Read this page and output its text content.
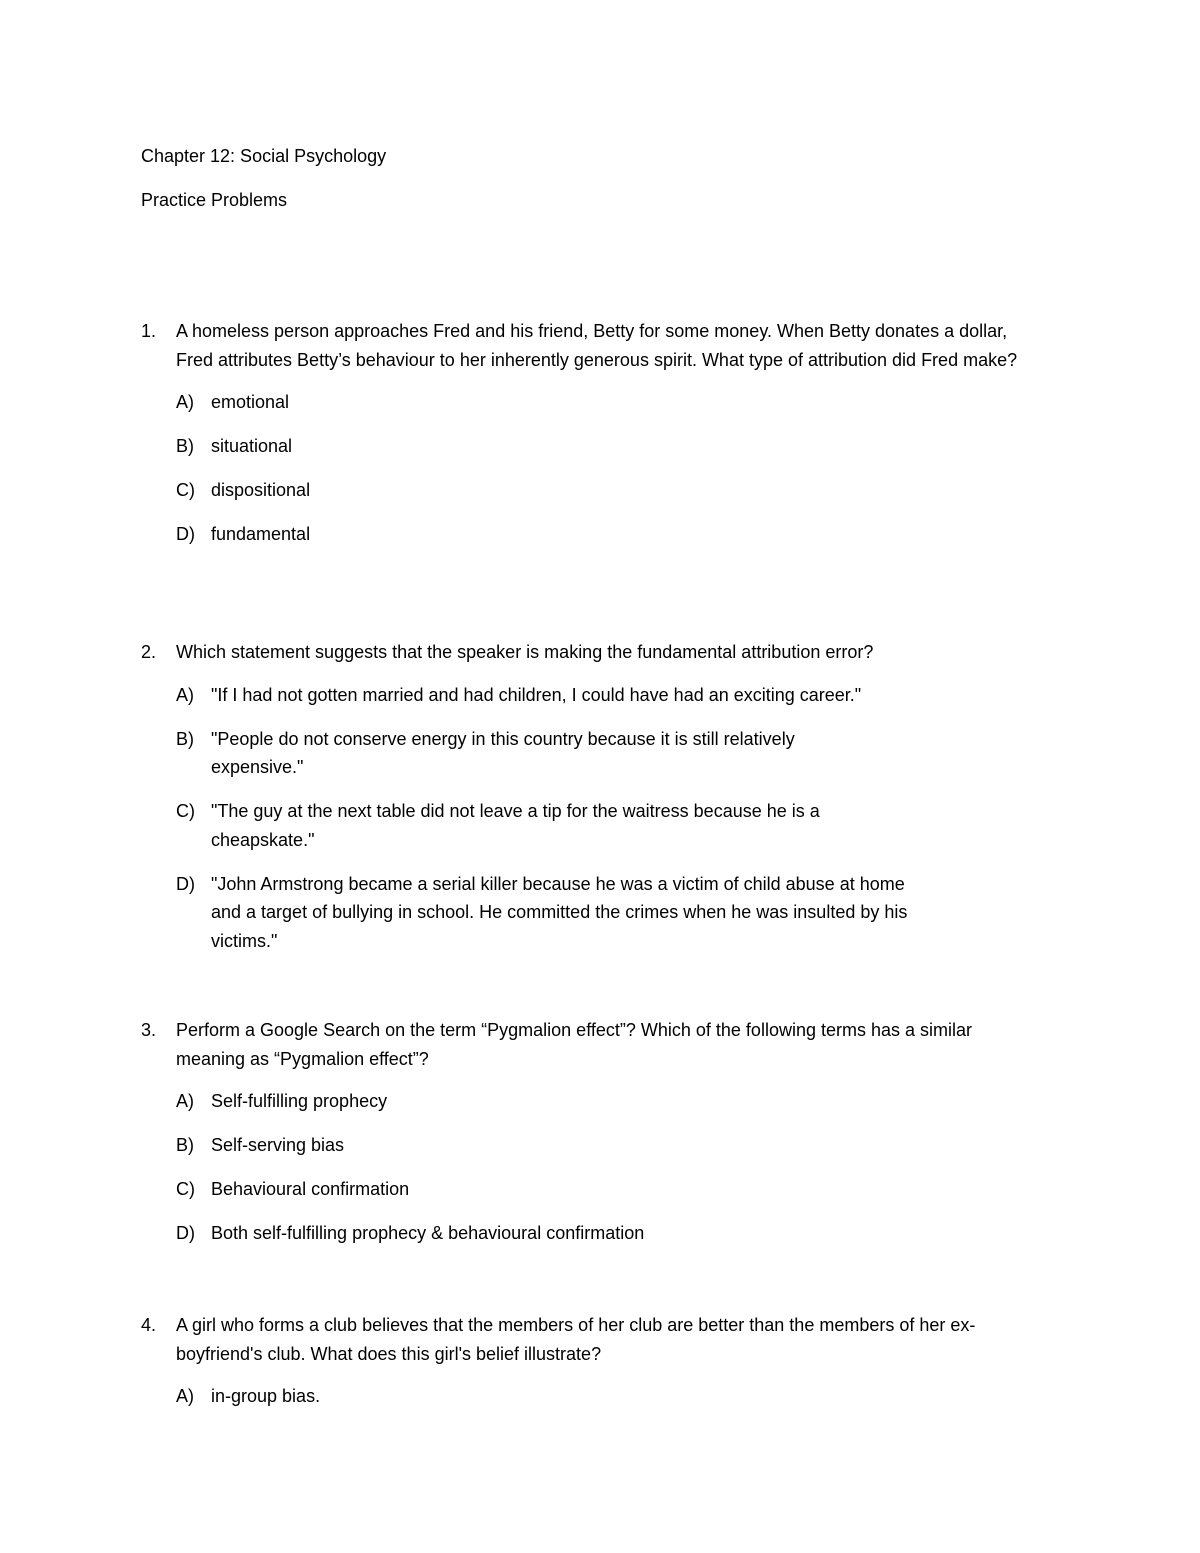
Chapter 12: Social Psychology
Practice Problems
1.	A homeless person approaches Fred and his friend, Betty for some money. When Betty donates a dollar, Fred attributes Betty’s behaviour to her inherently generous spirit. What type of attribution did Fred make?
A) emotional
B) situational
C) dispositional
D) fundamental
2.	Which statement suggests that the speaker is making the fundamental attribution error?
A) "If I had not gotten married and had children, I could have had an exciting career."
B) "People do not conserve energy in this country because it is still relatively expensive."
C) "The guy at the next table did not leave a tip for the waitress because he is a cheapskate."
D) "John Armstrong became a serial killer because he was a victim of child abuse at home and a target of bullying in school. He committed the crimes when he was insulted by his victims."
3.	Perform a Google Search on the term “Pygmalion effect”? Which of the following terms has a similar meaning as “Pygmalion effect”?
A) Self-fulfilling prophecy
B) Self-serving bias
C) Behavioural confirmation
D) Both self-fulfilling prophecy & behavioural confirmation
4.	A girl who forms a club believes that the members of her club are better than the members of her ex-boyfriend's club. What does this girl's belief illustrate?
A) in-group bias.
